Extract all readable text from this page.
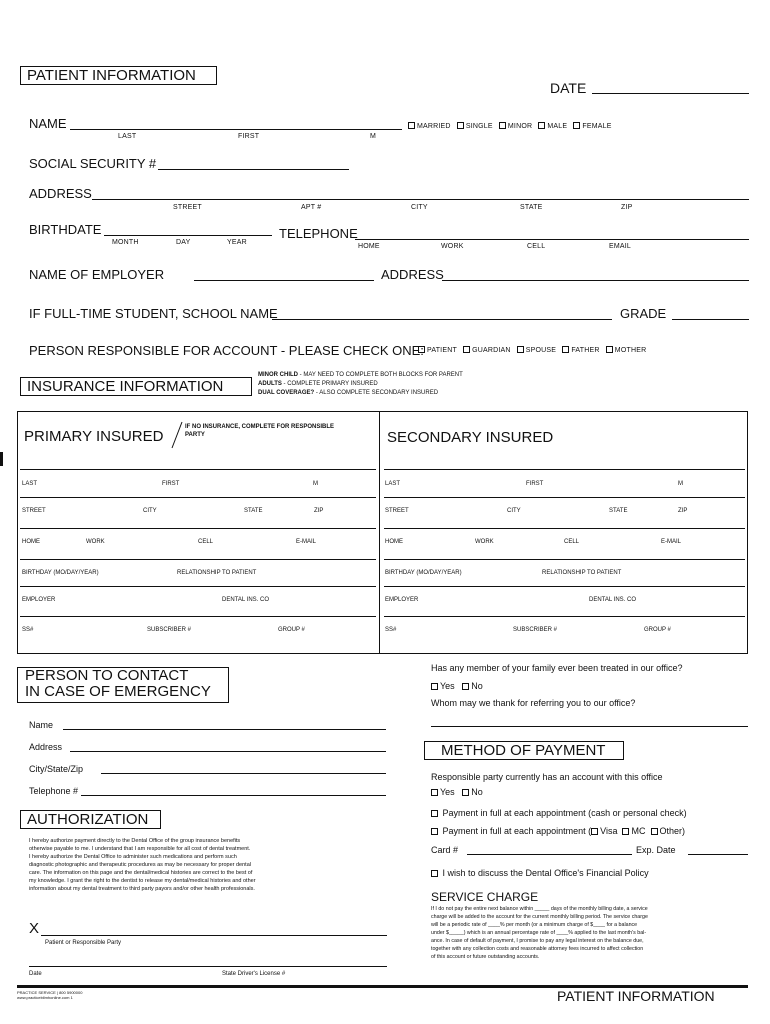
PATIENT INFORMATION
DATE
NAME
LAST	FIRST	M
MARRIED SINGLE MINOR MALE FEMALE
SOCIAL SECURITY #
ADDRESS
STREET	APT #	CITY	STATE	ZIP
BIRTHDATE
MONTH	DAY	YEAR
TELEPHONE
HOME	WORK	CELL	EMAIL
NAME OF EMPLOYER	ADDRESS
IF FULL-TIME STUDENT, SCHOOL NAME	GRADE
PERSON RESPONSIBLE FOR ACCOUNT - PLEASE CHECK ONE: PATIENT GUARDIAN SPOUSE FATHER MOTHER
INSURANCE INFORMATION
MINOR CHILD - MAY NEED TO COMPLETE BOTH BLOCKS FOR PARENT
ADULTS - COMPLETE PRIMARY INSURED
DUAL COVERAGE? - ALSO COMPLETE SECONDARY INSURED
PRIMARY INSURED
IF NO INSURANCE, COMPLETE FOR RESPONSIBLE PARTY	SECONDARY INSURED
LAST	FIRST	M	LAST	FIRST	M
STREET	CITY	STATE	ZIP	STREET	CITY	STATE	ZIP
HOME	WORK	CELL	E-MAIL	HOME	WORK	CELL	E-MAIL
BIRTHDAY (MO/DAY/YEAR)	RELATIONSHIP TO PATIENT	BIRTHDAY (MO/DAY/YEAR)	RELATIONSHIP TO PATIENT
EMPLOYER	DENTAL INS. CO	EMPLOYER	DENTAL INS. CO
SS#	SUBSCRIBER #	GROUP #	SS#	SUBSCRIBER #	GROUP #
PERSON TO CONTACT
IN CASE OF EMERGENCY
Name
Address
City/State/Zip
Telephone #
AUTHORIZATION
I hereby authorize payment directly to the Dental Office of the group insurance benefits
otherwise payable to me. I understand that I am responsible for all cost of dental treatment.
I hereby authorize the Dental Office to administer such medications and perform such
diagnostic photographic and therapeutic procedures as may be necessary for proper dental
care. The information on this page and the dental/medical histories are correct to the best of
my knowledge. I grant the right to the dentist to release my dental/medical histories and other
information about my dental treatment to third party payors and/or other health professionals.
X
Patient or Responsible Party
Date	State Driver's License #
Has any member of your family ever been treated in our office?
Yes No
Whom may we thank for referring you to our office?
METHOD OF PAYMENT
Responsible party currently has an account with this office
Yes No
Payment in full at each appointment (cash or personal check)
Payment in full at each appointment ( Visa MC Other)
Card #	Exp. Date
I wish to discuss the Dental Office's Financial Policy
SERVICE CHARGE
If I do not pay the entire next balance within _____ days of the monthly billing date, a service
charge will be added to the account for the current monthly billing period. The service charge
will be a periodic rate of ____% per month (or a minimum charge of $____ for a balance
under $_____) which is an annual percentage rate of ____% applied to the last month's bal-
ance. In case of default of payment, I promise to pay any legal interest on the balance due,
together with any collection costs and reasonable attorney fees incurred to affect collection
of this account or future outstanding accounts.
PRACTICE SERVICE | 800 5900000
www.practicebilmhonline.com 1	PATIENT INFORMATION
